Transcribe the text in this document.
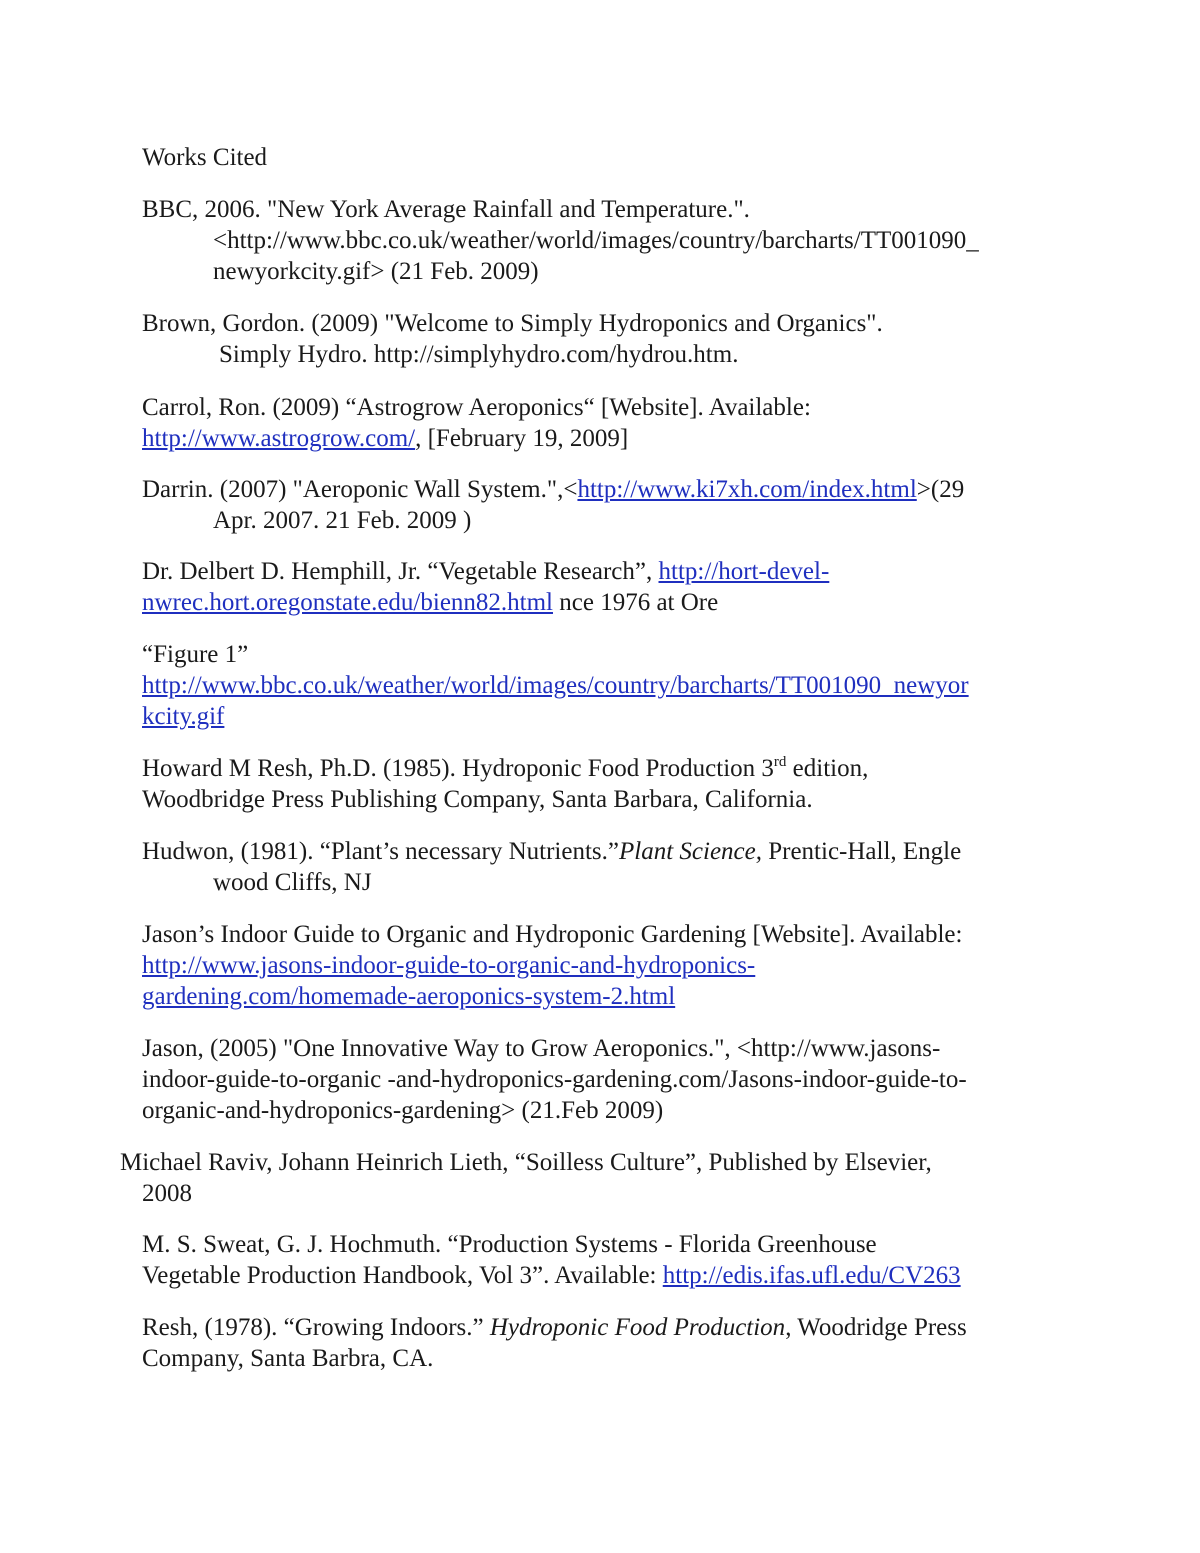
Works Cited
BBC, 2006. "New York Average Rainfall and Temperature.".
<http://www.bbc.co.uk/weather/world/images/country/barcharts/TT001090_
newyorkcity.gif> (21 Feb. 2009)
Brown, Gordon. (2009) "Welcome to Simply Hydroponics and Organics".
Simply Hydro. http://simplyhydro.com/hydrou.htm.
Carrol, Ron. (2009) “Astrogrow Aeroponics“ [Website]. Available:
http://www.astrogrow.com/, [February 19, 2009]
Darrin. (2007) "Aeroponic Wall System.",<http://www.ki7xh.com/index.html>(29
Apr. 2007. 21 Feb. 2009 )
Dr. Delbert D. Hemphill, Jr. “Vegetable Research”, http://hort-devel-
nwrec.hort.oregonstate.edu/bienn82.html nce 1976 at Ore
“Figure 1”
http://www.bbc.co.uk/weather/world/images/country/barcharts/TT001090_newyor
kcity.gif
Howard M Resh, Ph.D. (1985). Hydroponic Food Production 3rd edition,
Woodbridge Press Publishing Company, Santa Barbara, California.
Hudwon, (1981). “Plant’s necessary Nutrients.”Plant Science, Prentic-Hall, Engle
wood Cliffs, NJ
Jason’s Indoor Guide to Organic and Hydroponic Gardening [Website]. Available:
http://www.jasons-indoor-guide-to-organic-and-hydroponics-
gardening.com/homemade-aeroponics-system-2.html
Jason, (2005) "One Innovative Way to Grow Aeroponics.", <http://www.jasons-
indoor-guide-to-organic -and-hydroponics-gardening.com/Jasons-indoor-guide-to-
organic-and-hydroponics-gardening> (21.Feb 2009)
Michael Raviv, Johann Heinrich Lieth, “Soilless Culture”, Published by Elsevier,
2008
M. S. Sweat, G. J. Hochmuth. “Production Systems - Florida Greenhouse
Vegetable Production Handbook, Vol 3”. Available: http://edis.ifas.ufl.edu/CV263
Resh, (1978). “Growing Indoors.” Hydroponic Food Production, Woodridge Press
Company, Santa Barbra, CA.
